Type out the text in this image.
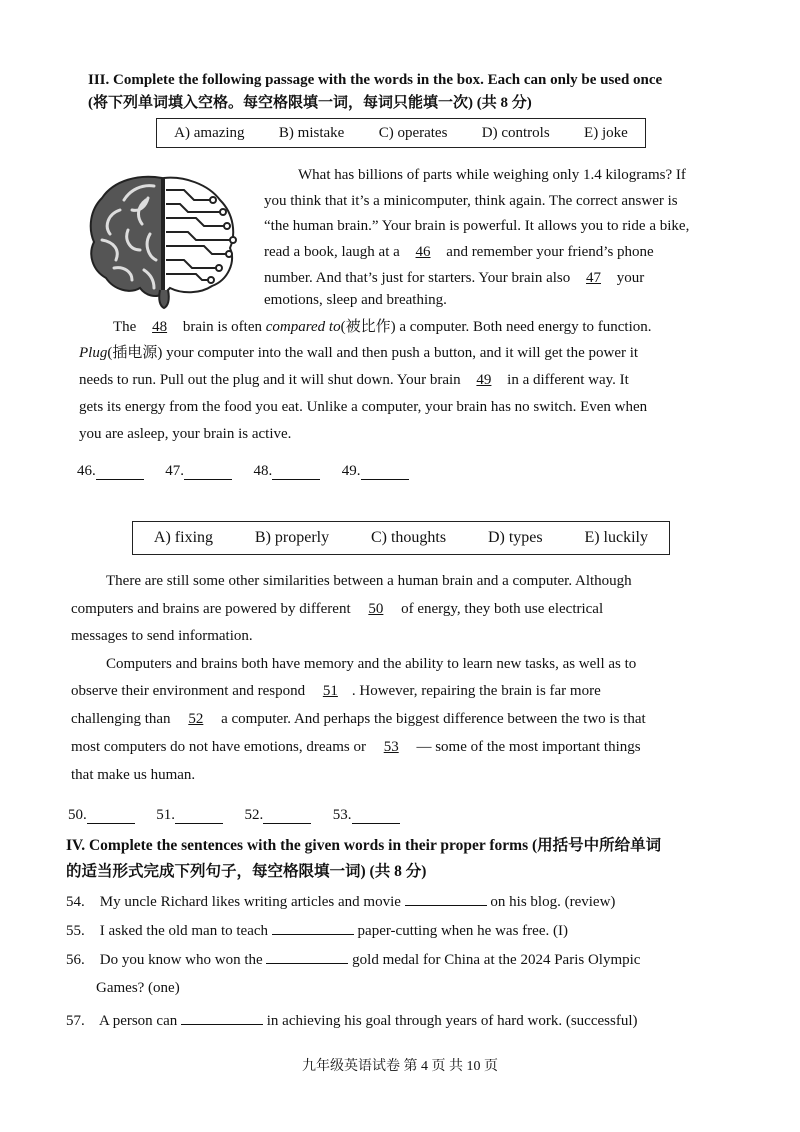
III. Complete the following passage with the words in the box. Each can only be used once
(将下列单词填入空格。每空格限填一词，每词只能填一次) (共 8 分)
A) amazing B) mistake C) operates D) controls E) joke
What has billions of parts while weighing only 1.4 kilograms? If
you think that it’s a minicomputer, think again. The correct answer is
“the human brain.” Your brain is powerful. It allows you to ride a bike,
read a book, laugh at a 46 and remember your friend’s phone
number. And that’s just for starters. Your brain also 47 your
emotions, sleep and breathing.
The 48 brain is often compared to(被比作) a computer. Both need energy to function.
Plug(插电源) your computer into the wall and then push a button, and it will get the power it
needs to run. Pull out the plug and it will shut down. Your brain 49 in a different way. It
gets its energy from the food you eat. Unlike a computer, your brain has no switch. Even when
you are asleep, your brain is active.
46.	47.	48.	49.
A) fixing	B) properly	C) thoughts	D) types	E) luckily
There are still some other similarities between a human brain and a computer. Although
computers and brains are powered by different 50 of energy, they both use electrical
messages to send information.
Computers and brains both have memory and the ability to learn new tasks, as well as to
observe their environment and respond 51 . However, repairing the brain is far more
challenging than 52 a computer. And perhaps the biggest difference between the two is that
most computers do not have emotions, dreams or 53 — some of the most important things
that make us human.
50.	51.	52.	53.
IV. Complete the sentences with the given words in their proper forms (用括号中所给单词
的适当形式完成下列句子，每空格限填一词) (共 8 分)
54. My uncle Richard likes writing articles and movie	on his blog. (review)
55. I asked the old man to teach	paper-cutting when he was free. (I)
56. Do you know who won the	gold medal for China at the 2024 Paris Olympic
Games? (one)
57. A person can	in achieving his goal through years of hard work. (successful)
九年级英语试卷 第 4 页 共 10 页
